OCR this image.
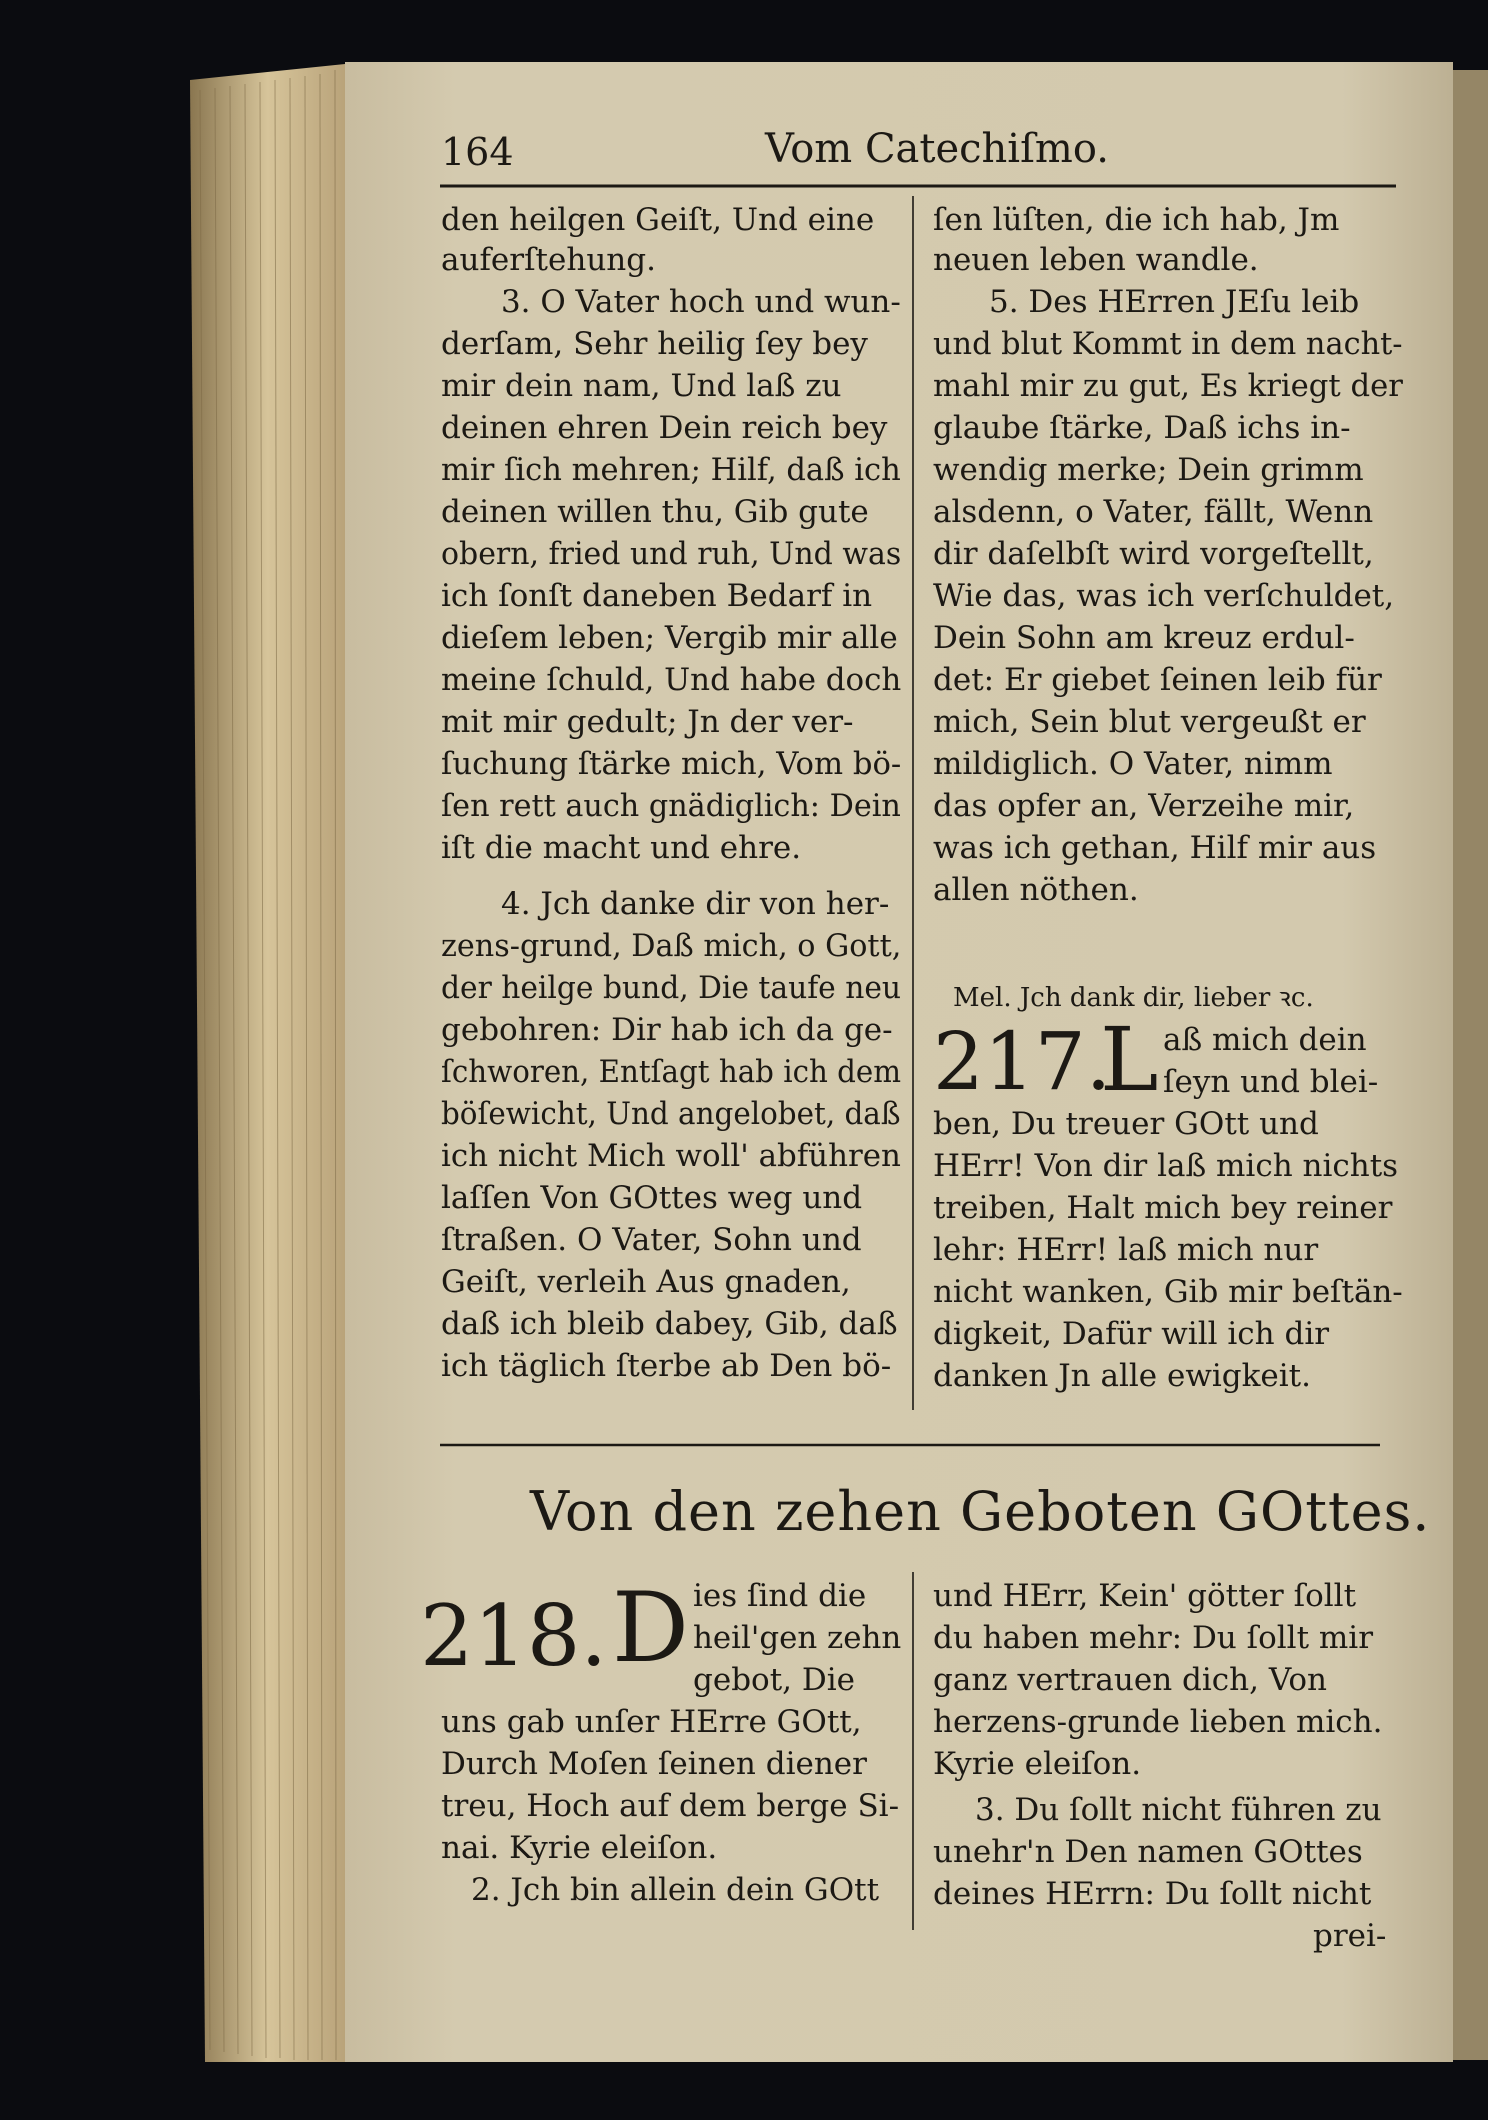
164	Vom Catechiſmo.
den heilgen Geiſt, Und eine
auferſtehung.
3. O Vater hoch und wun-
derſam, Sehr heilig ſey bey
mir dein nam, Und laß zu
deinen ehren Dein reich bey
mir ſich mehren; Hilf, daß ich
deinen willen thu, Gib gute
obern, fried und ruh, Und was
ich ſonſt daneben Bedarf in
dieſem leben; Vergib mir alle
meine ſchuld, Und habe doch
mit mir gedult; Jn der ver-
ſuchung ſtärke mich, Vom bö-
ſen rett auch gnädiglich: Dein
iſt die macht und ehre.
4. Jch danke dir von her-
zens-grund, Daß mich, o Gott,
der heilge bund, Die taufe neu
gebohren: Dir hab ich da ge-
ſchworen, Entſagt hab ich dem
böſewicht, Und angelobet, daß
ich nicht Mich woll' abführen
laſſen Von GOttes weg und
ſtraßen. O Vater, Sohn und
Geiſt, verleih Aus gnaden,
daß ich bleib dabey, Gib, daß
ich täglich ſterbe ab Den bö-
ſen lüſten, die ich hab, Jm
neuen leben wandle.
5. Des HErren JEſu leib
und blut Kommt in dem nacht-
mahl mir zu gut, Es kriegt der
glaube ſtärke, Daß ichs in-
wendig merke; Dein grimm
alsdenn, o Vater, fällt, Wenn
dir daſelbſt wird vorgeſtellt,
Wie das, was ich verſchuldet,
Dein Sohn am kreuz erdul-
det: Er giebet ſeinen leib für
mich, Sein blut vergeußt er
mildiglich. O Vater, nimm
das opfer an, Verzeihe mir,
was ich gethan, Hilf mir aus
allen nöthen.
Mel. Jch dank dir, lieber ꝛc.
217.
L aß mich dein
ſeyn und blei-
ben, Du treuer GOtt und
HErr! Von dir laß mich nichts
treiben, Halt mich bey reiner
lehr: HErr! laß mich nur
nicht wanken, Gib mir beſtän-
digkeit, Dafür will ich dir
danken Jn alle ewigkeit.
Von den zehen Geboten GOttes.
218. D ies ſind die
heil'gen zehn
gebot, Die
uns gab unſer HErre GOtt,
Durch Moſen ſeinen diener
treu, Hoch auf dem berge Si-
nai. Kyrie eleiſon.
2. Jch bin allein dein GOtt
und HErr, Kein' götter ſollt
du haben mehr: Du ſollt mir
ganz vertrauen dich, Von
herzens-grunde lieben mich.
Kyrie eleiſon.
3. Du ſollt nicht führen zu
unehr'n Den namen GOttes
deines HErrn: Du ſollt nicht
prei-
